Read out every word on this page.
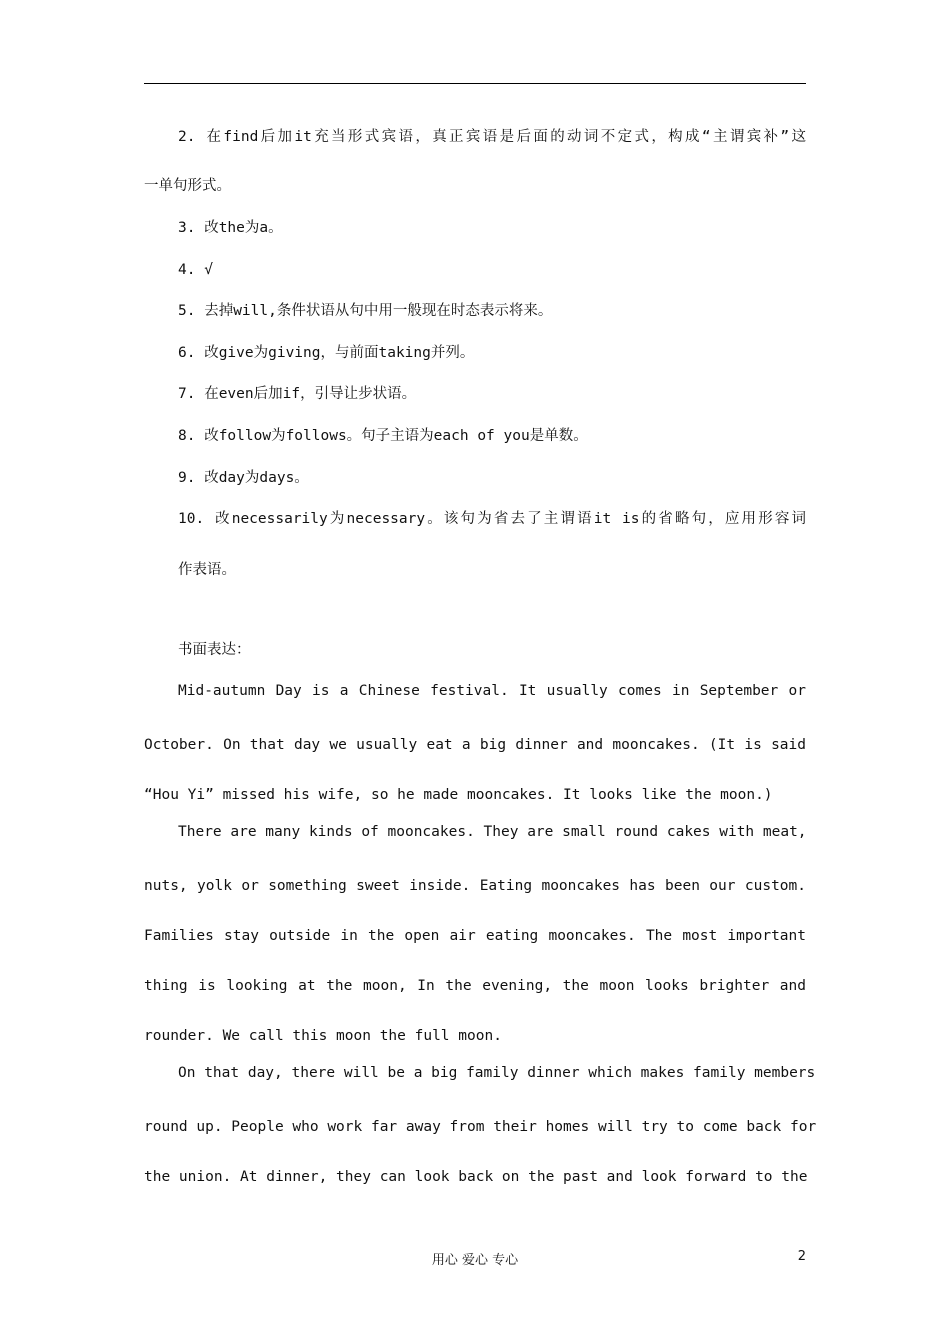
2. 在find后加it充当形式宾语，真正宾语是后面的动词不定式，构成“主谓宾补”这
一单句形式。
3. 改the为a。
4. √
5. 去掉will,条件状语从句中用一般现在时态表示将来。
6. 改give为giving，与前面taking并列。
7. 在even后加if，引导让步状语。
8. 改follow为follows。句子主语为each of you是单数。
9. 改day为days。
10. 改necessarily为necessary。该句为省去了主谓语it is的省略句，应用形容词
作表语。
书面表达：
Mid-autumn Day is a Chinese festival. It usually comes in September or
October. On that day we usually eat a big dinner and mooncakes. (It is said
“Hou Yi” missed his wife, so he made mooncakes. It looks like the moon.)
There are many kinds of mooncakes. They are small round cakes with meat,
nuts, yolk or something sweet inside. Eating mooncakes has been our custom.
Families stay outside in the open air eating mooncakes. The most important
thing is looking at the moon, In the evening, the moon looks brighter and
rounder. We call this moon the full moon.
On that day, there will be a big family dinner which makes family members
round up. People who work far away from their homes will try to come back for
the union. At dinner, they can look back on the past and look forward to the
用心 爱心 专心	2
